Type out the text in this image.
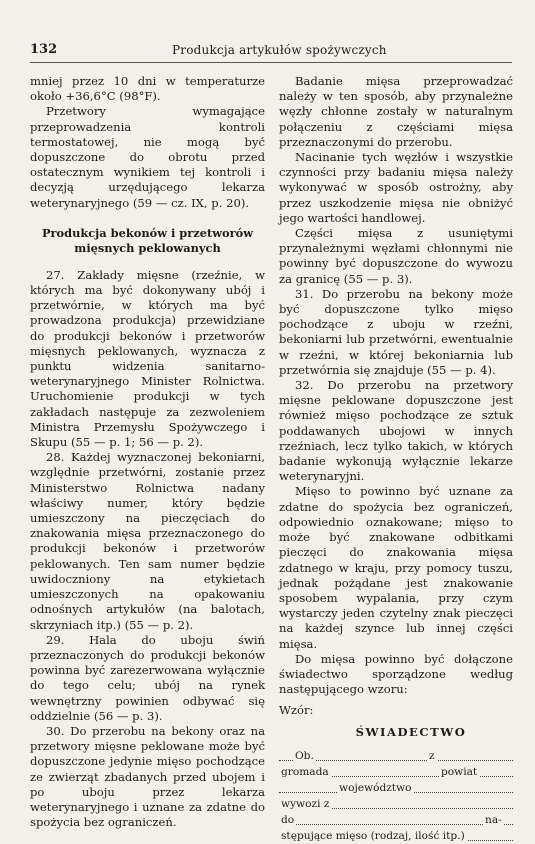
132	Produkcja artykułów spożywczych

mniej przez 10 dni w temperaturze około +36,6°C (98°F).

Przetwory wymagające przeprowadzenia kontroli termostatowej, nie mogą być dopuszczone do obrotu przed ostatecznym wynikiem tej kontroli i decyzją urzędującego lekarza weterynaryjnego (59 — cz. IX, p. 20).

Produkcja bekonów i przetworów mięsnych peklowanych

27. Zakłady mięsne (rzeźnie, w których ma być dokonywany ubój i przetwórnie, w których ma być prowadzona produkcja) przewidziane do produkcji bekonów i przetworów mięsnych peklowanych, wyznacza z punktu widzenia sanitarno-weterynaryjnego Minister Rolnictwa. Uruchomienie produkcji w tych zakładach następuje za zezwoleniem Ministra Przemysłu Spożywczego i Skupu (55 — p. 1; 56 — p. 2).

28. Każdej wyznaczonej bekoniarni, względnie przetwórni, zostanie przez Ministerstwo Rolnictwa nadany właściwy numer, który będzie umieszczony na pieczęciach do znakowania mięsa przeznaczonego do produkcji bekonów i przetworów peklowanych. Ten sam numer będzie uwidoczniony na etykietach umieszczonych na opakowaniu odnośnych artykułów (na balotach, skrzyniach itp.) (55 — p. 2).

29. Hala do uboju świń przeznaczonych do produkcji bekonów powinna być zarezerwowana wyłącznie do tego celu; ubój na rynek wewnętrzny powinien odbywać się oddzielnie (56 — p. 3).

30. Do przerobu na bekony oraz na przetwory mięsne peklowane może być dopuszczone jedynie mięso pochodzące ze zwierząt zbadanych przed ubojem i po uboju przez lekarza weterynaryjnego i uznane za zdatne do spożycia bez ograniczeń.

Badanie mięsa przeprowadzać należy w ten sposób, aby przynależne węzły chłonne zostały w naturalnym połączeniu z częściami mięsa przeznaczonymi do przerobu.

Nacinanie tych węzłów i wszystkie czynności przy badaniu mięsa należy wykonywać w sposób ostrożny, aby przez uszkodzenie mięsa nie obniżyć jego wartości handlowej.

Części mięsa z usuniętymi przynależnymi węzłami chłonnymi nie powinny być dopuszczone do wywozu za granicę (55 — p. 3).

31. Do przerobu na bekony może być dopuszczone tylko mięso pochodzące z uboju w rzeźni, bekoniarni lub przetwórni, ewentualnie w rzeźni, w której bekoniarnia lub przetwórnia się znajduje (55 — p. 4).

32. Do przerobu na przetwory mięsne peklowane dopuszczone jest również mięso pochodzące ze sztuk poddawanych ubojowi w innych rzeźniach, lecz tylko takich, w których badanie wykonują wyłącznie lekarze weterynaryjni.

Mięso to powinno być uznane za zdatne do spożycia bez ograniczeń, odpowiednio oznakowane; mięso to może być znakowane odbitkami pieczęci do znakowania mięsa zdatnego w kraju, przy pomocy tuszu, jednak pożądane jest znakowanie sposobem wypalania, przy czym wystarczy jeden czytelny znak pieczęci na każdej szynce lub innej części mięsa.

Do mięsa powinno być dołączone świadectwo sporządzone według następującego wzoru:

Wzór:
ŚWIADECTWO
Ob.	z
gromada	powiat
województwo
wywozi z
do	na-
stępujące mięso (rodzaj, ilość itp.)
